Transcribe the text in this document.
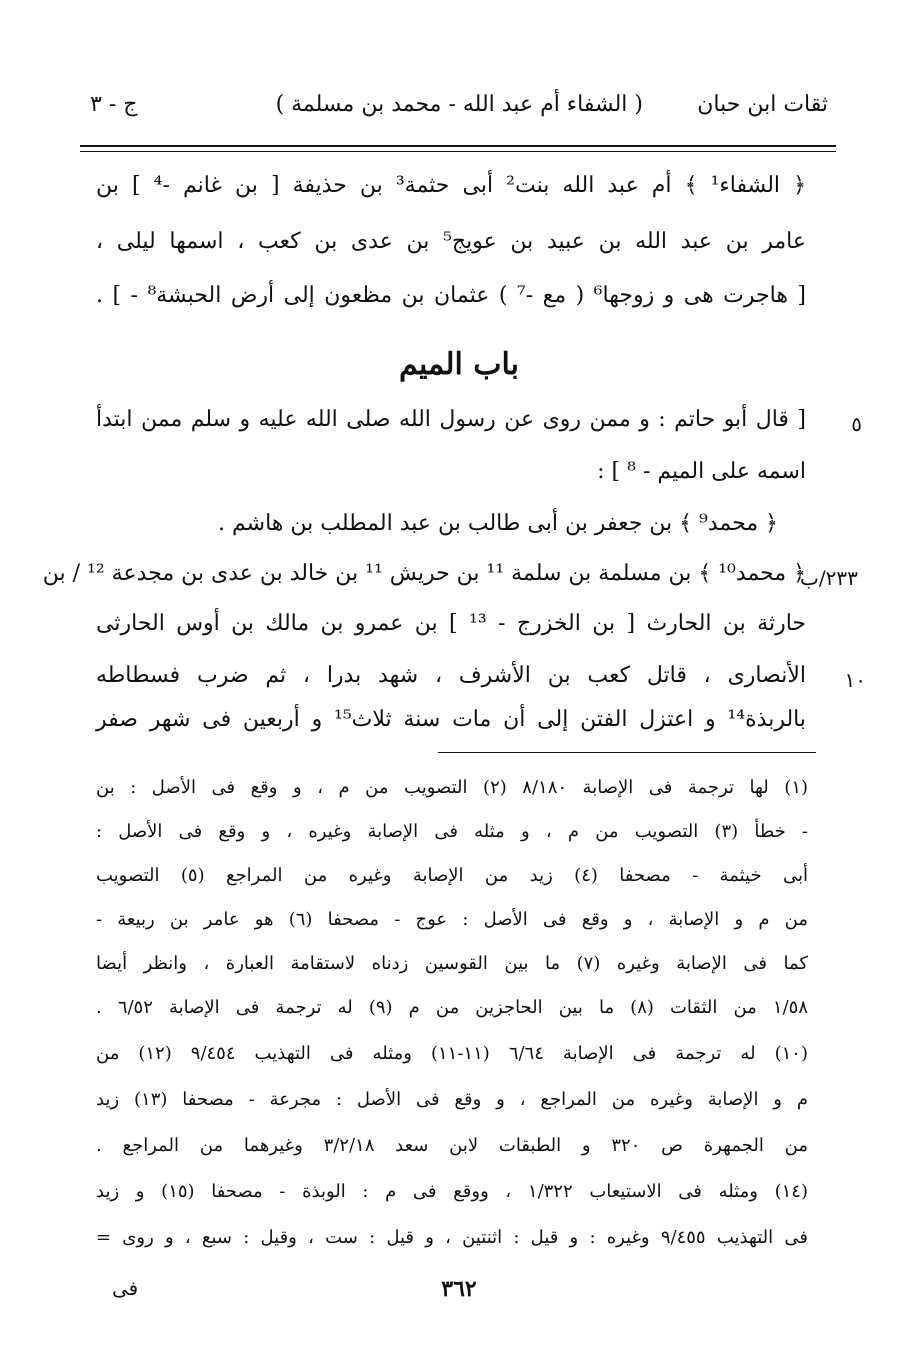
ثقات ابن حبان
( الشفاء أم عبد الله - محمد بن مسلمة )
ج - ٣
﴿ الشفاء¹ ﴾ أم عبد الله بنت² أبى حثمة³ بن حذيفة [ بن غانم -⁴ ] بن
عامر بن عبد الله بن عبيد بن عويج⁵ بن عدى بن كعب ، اسمها ليلى ،
[ هاجرت هى و زوجها⁶ ( مع -⁷ ) عثمان بن مظعون إلى أرض الحبشة⁸ - ] .
باب الميم
[ قال أبو حاتم : و ممن روى عن رسول الله صلى الله عليه و سلم ممن ابتدأ
اسمه على الميم - ⁸ ] :
﴿ محمد⁹ ﴾ بن جعفر بن أبى طالب بن عبد المطلب بن هاشم .
﴿ محمد¹⁰ ﴾ بن مسلمة بن سلمة ¹¹ بن حريش ¹¹ بن خالد بن عدى بن مجدعة ¹² / بن
حارثة بن الحارث [ بن الخزرج - ¹³ ] بن عمرو بن مالك بن أوس الحارثى
الأنصارى ، قاتل كعب بن الأشرف ، شهد بدرا ، ثم ضرب فسطاطه
بالربذة¹⁴ و اعتزل الفتن إلى أن مات سنة ثلاث¹⁵ و أربعين فى شهر صفر
٥
١٠
٢٣٣/ب
(١) لها ترجمة فى الإصابة ٨/١٨٠ (٢) التصويب من م ، و وقع فى الأصل : بن
- خطأ (٣) التصويب من م ، و مثله فى الإصابة وغيره ، و وقع فى الأصل :
أبى خيثمة - مصحفا (٤) زيد من الإصابة وغيره من المراجع (٥) التصويب
من م و الإصابة ، و وقع فى الأصل : عوج - مصحفا (٦) هو عامر بن ربيعة -
كما فى الإصابة وغيره (٧) ما بين القوسين زدناه لاستقامة العبارة ، وانظر أيضا
١/٥٨ من الثقات (٨) ما بين الحاجزين من م (٩) له ترجمة فى الإصابة ٦/٥٢ .
(١٠) له ترجمة فى الإصابة ٦/٦٤ (١١-١١) ومثله فى التهذيب ٩/٤٥٤ (١٢) من
م و الإصابة وغيره من المراجع ، و وقع فى الأصل : مجرعة - مصحفا (١٣) زيد
من الجمهرة ص ٣٢٠ و الطبقات لابن سعد ٣/٢/١٨ وغيرهما من المراجع .
(١٤) ومثله فى الاستيعاب ١/٣٢٢ ، ووقع فى م : الوبذة - مصحفا (١٥) و زيد
فى التهذيب ٩/٤٥٥ وغيره : و قيل : اثنتين ، و قيل : ست ، وقيل : سبع ، و روى =
٣٦٢
فى
